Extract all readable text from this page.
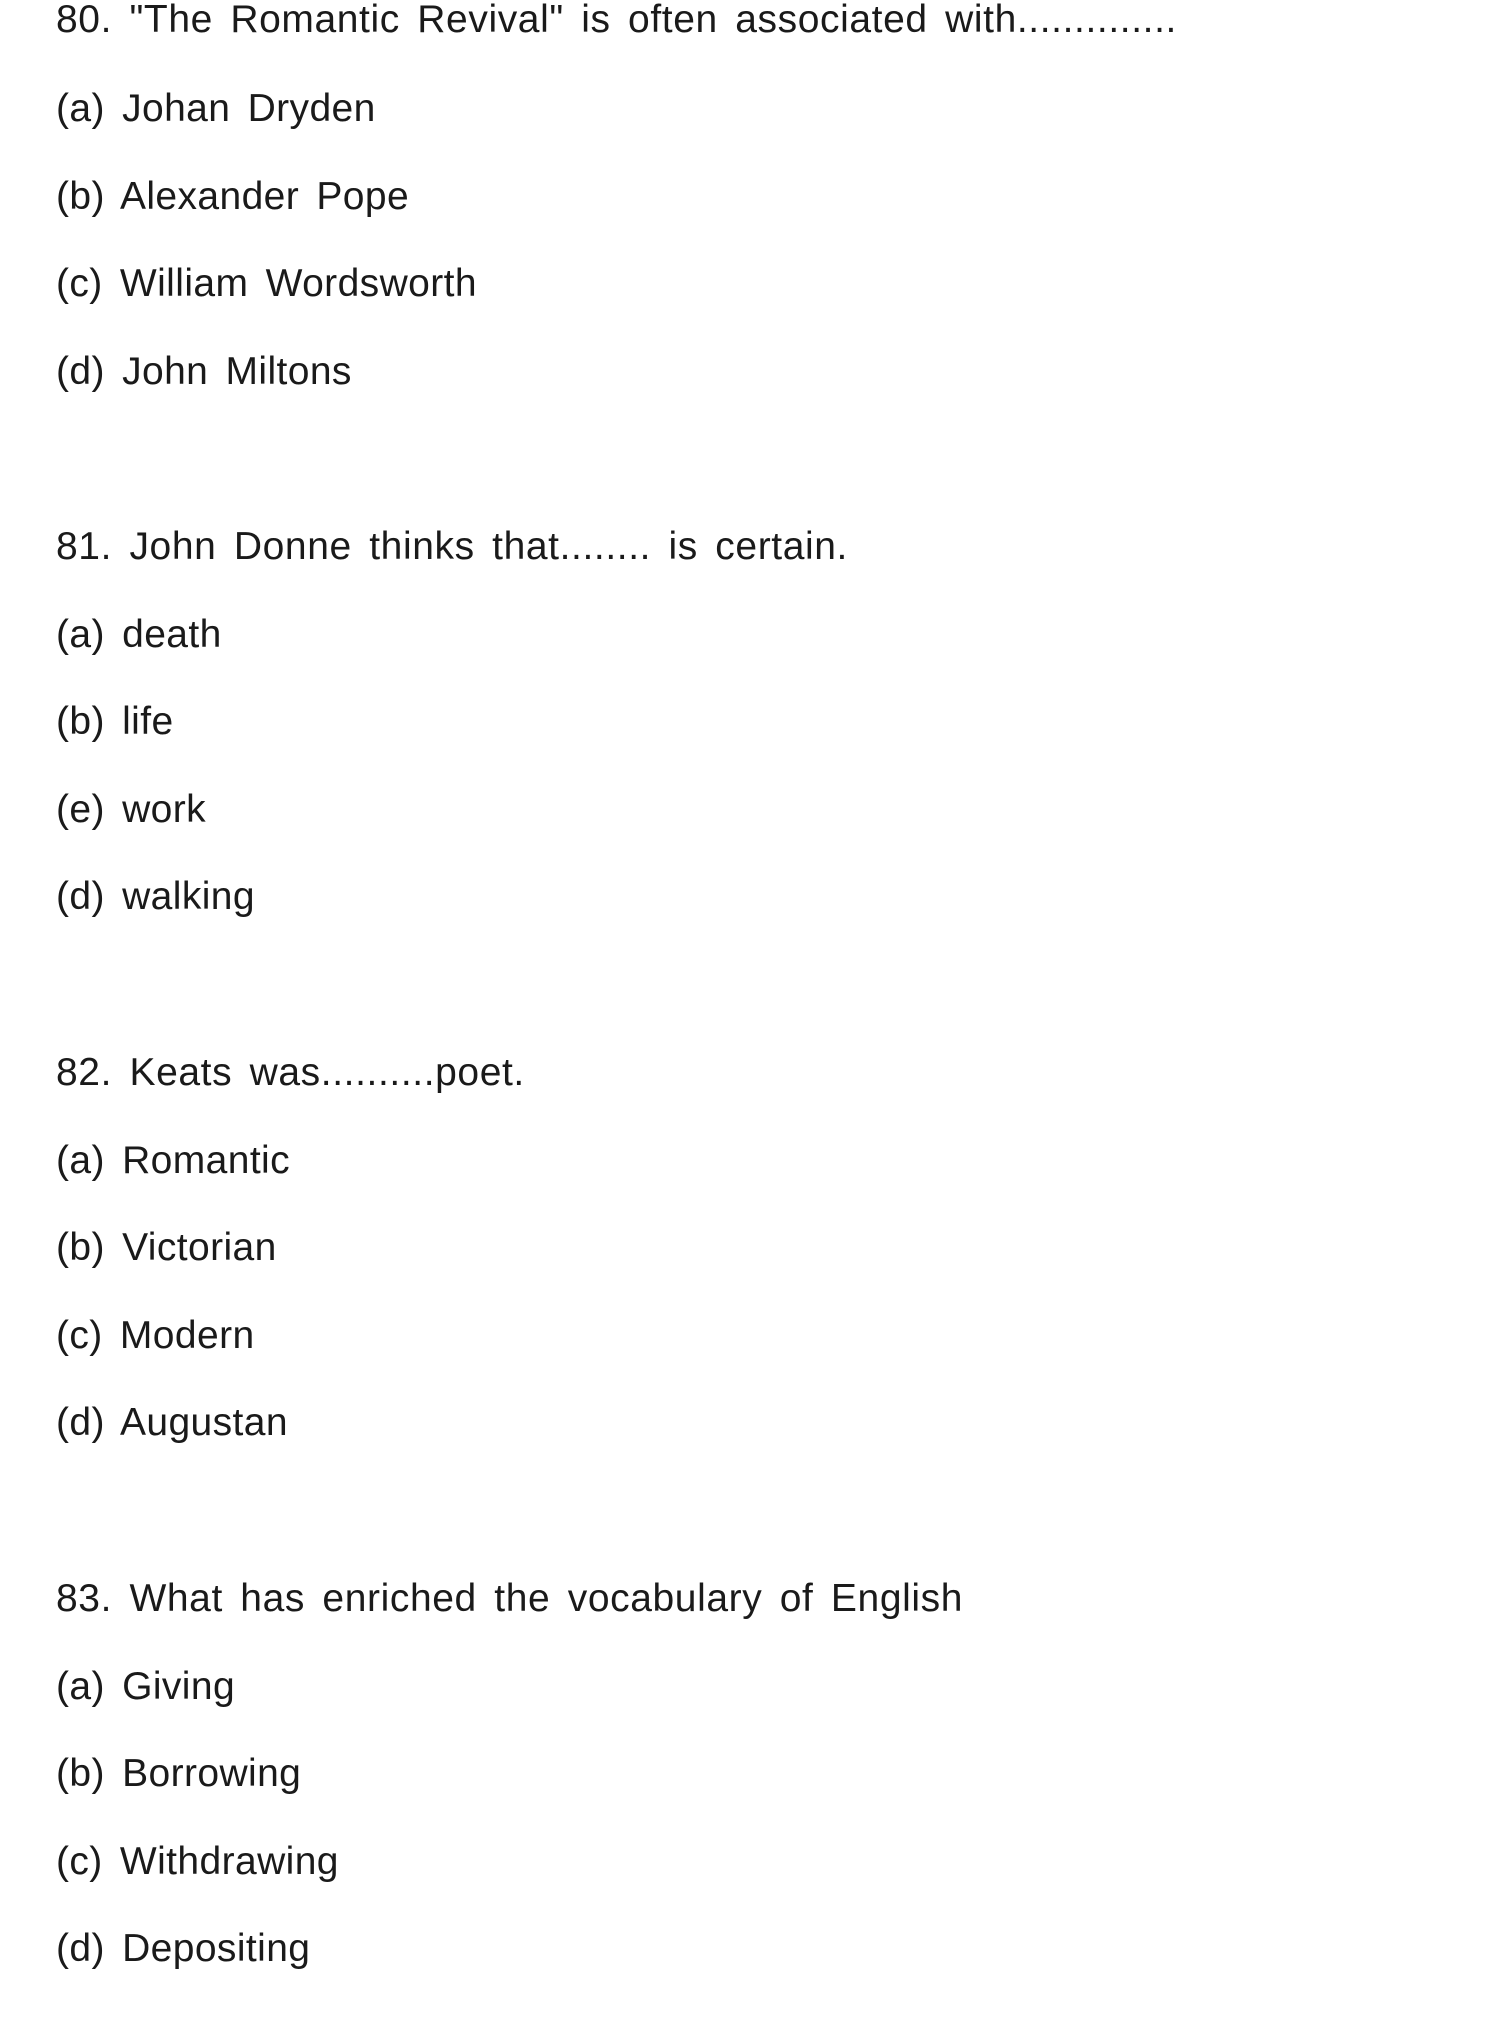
80. "The Romantic Revival" is often associated with..............
(a) Johan Dryden
(b) Alexander Pope
(c) William Wordsworth
(d) John Miltons
81. John Donne thinks that........ is certain.
(a) death
(b) life
(e) work
(d) walking
82. Keats was..........poet.
(a) Romantic
(b) Victorian
(c) Modern
(d) Augustan
83. What has enriched the vocabulary of English
(a) Giving
(b) Borrowing
(c) Withdrawing
(d) Depositing
